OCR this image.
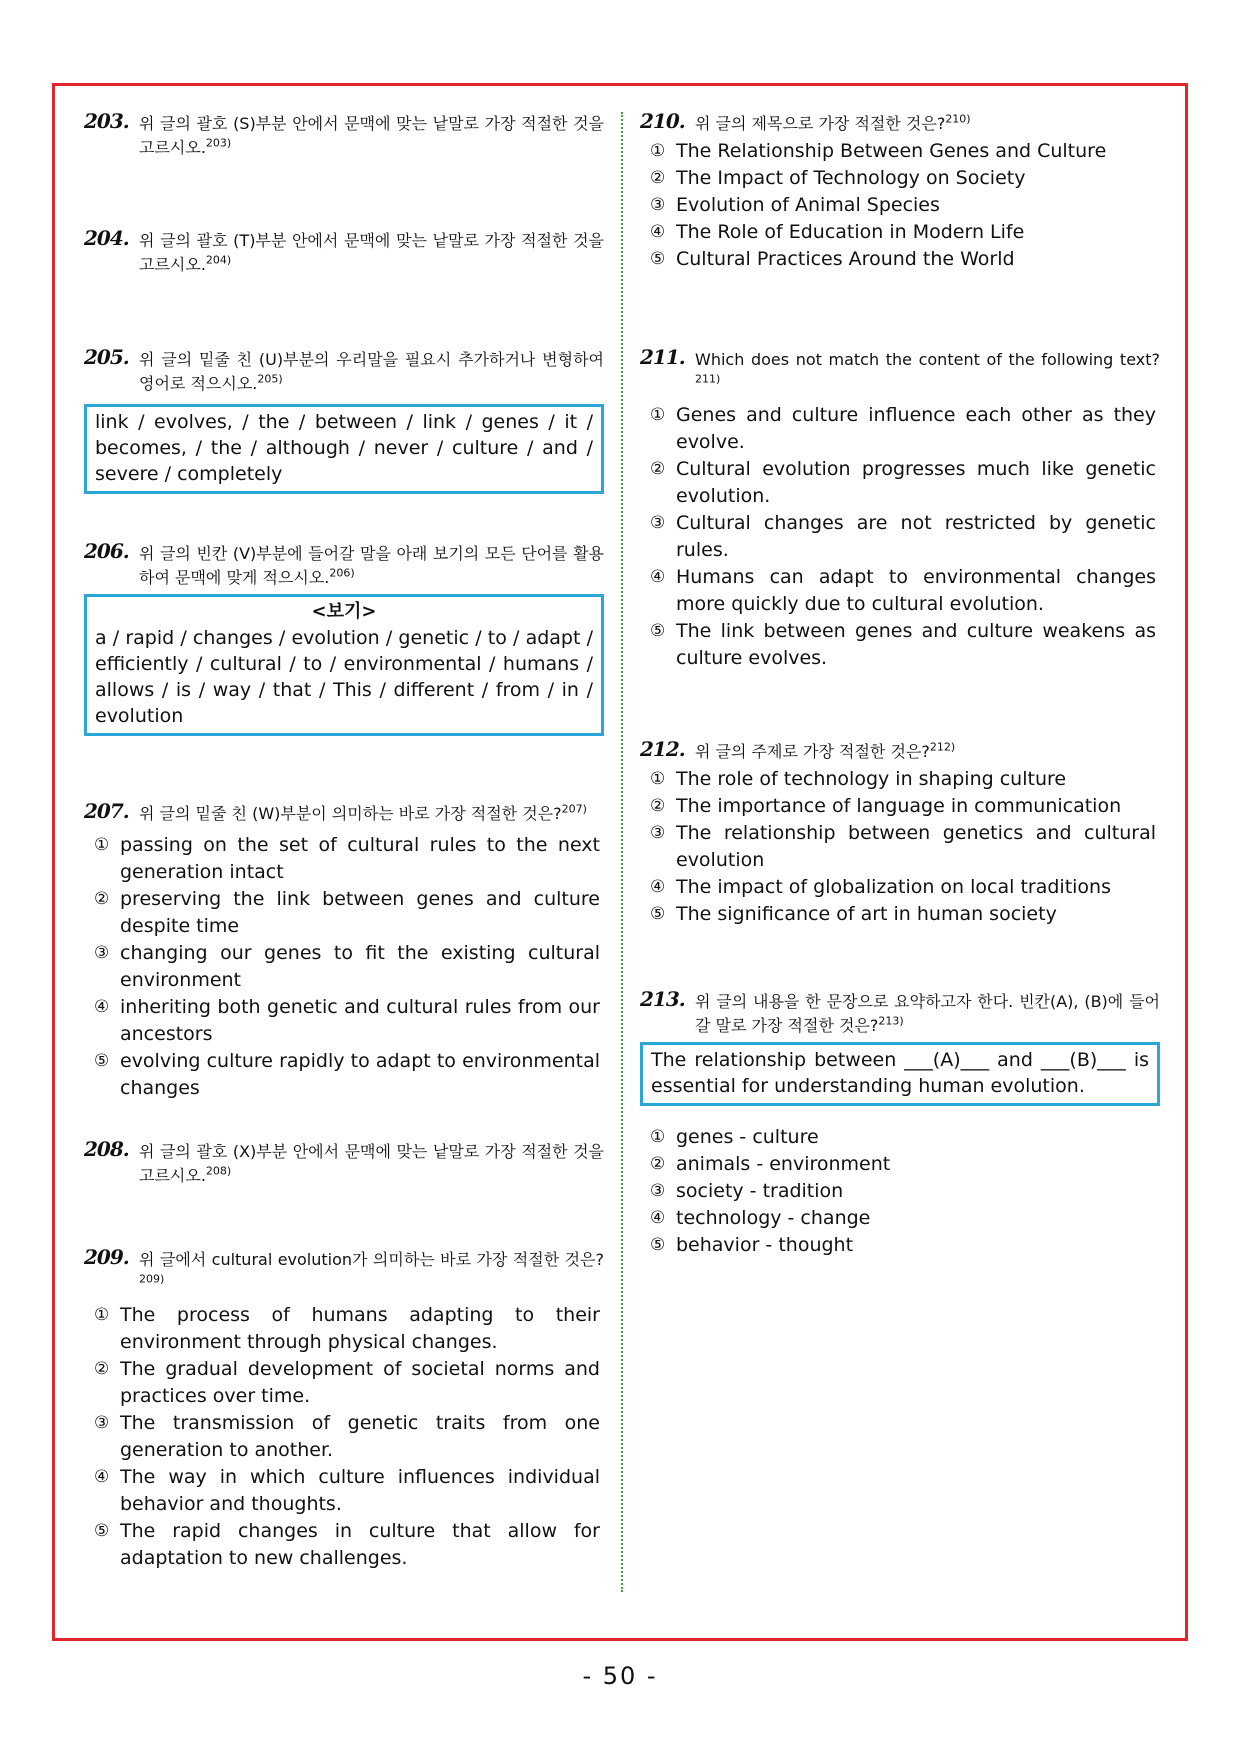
203. 위 글의 괄호 (S)부분 안에서 문맥에 맞는 낱말로 가장 적절한 것을 고르시오.$^{203)}$
204. 위 글의 괄호 (T)부분 안에서 문맥에 맞는 낱말로 가장 적절한 것을 고르시오.$^{204)}$
205. 위 글의 밑줄 친 (U)부분의 우리말을 필요시 추가하거나 변형하여 영어로 적으시오.$^{205)}$
link / evolves, / the / between / link / genes / it / becomes, / the / although / never / culture / and / severe / completely
206. 위 글의 빈칸 (V)부분에 들어갈 말을 아래 보기의 모든 단어를 활용하여 문맥에 맞게 적으시오.$^{206)}$
<보기>
a / rapid / changes / evolution / genetic / to / adapt / efficiently / cultural / to / environmental / humans / allows / is / way / that / This / different / from / in / evolution
207. 위 글의 밑줄 친 (W)부분이 의미하는 바로 가장 적절한 것은?$^{207)}$
① passing on the set of cultural rules to the next generation intact
② preserving the link between genes and culture despite time
③ changing our genes to fit the existing cultural environment
④ inheriting both genetic and cultural rules from our ancestors
⑤ evolving culture rapidly to adapt to environmental changes
208. 위 글의 괄호 (X)부분 안에서 문맥에 맞는 낱말로 가장 적절한 것을 고르시오.$^{208)}$
209. 위 글에서 cultural evolution가 의미하는 바로 가장 적절한 것은?$^{209)}$
① The process of humans adapting to their environment through physical changes.
② The gradual development of societal norms and practices over time.
③ The transmission of genetic traits from one generation to another.
④ The way in which culture influences individual behavior and thoughts.
⑤ The rapid changes in culture that allow for adaptation to new challenges.
210. 위 글의 제목으로 가장 적절한 것은?$^{210)}$
① The Relationship Between Genes and Culture
② The Impact of Technology on Society
③ Evolution of Animal Species
④ The Role of Education in Modern Life
⑤ Cultural Practices Around the World
211. Which does not match the content of the following text?$^{211)}$
① Genes and culture influence each other as they evolve.
② Cultural evolution progresses much like genetic evolution.
③ Cultural changes are not restricted by genetic rules.
④ Humans can adapt to environmental changes more quickly due to cultural evolution.
⑤ The link between genes and culture weakens as culture evolves.
212. 위 글의 주제로 가장 적절한 것은?$^{212)}$
① The role of technology in shaping culture
② The importance of language in communication
③ The relationship between genetics and cultural evolution
④ The impact of globalization on local traditions
⑤ The significance of art in human society
213. 위 글의 내용을 한 문장으로 요약하고자 한다. 빈칸(A), (B)에 들어갈 말로 가장 적절한 것은?$^{213)}$
The relationship between ___(A)___ and ___(B)___ is essential for understanding human evolution.
① genes - culture
② animals - environment
③ society - tradition
④ technology - change
⑤ behavior - thought
- 50 -
